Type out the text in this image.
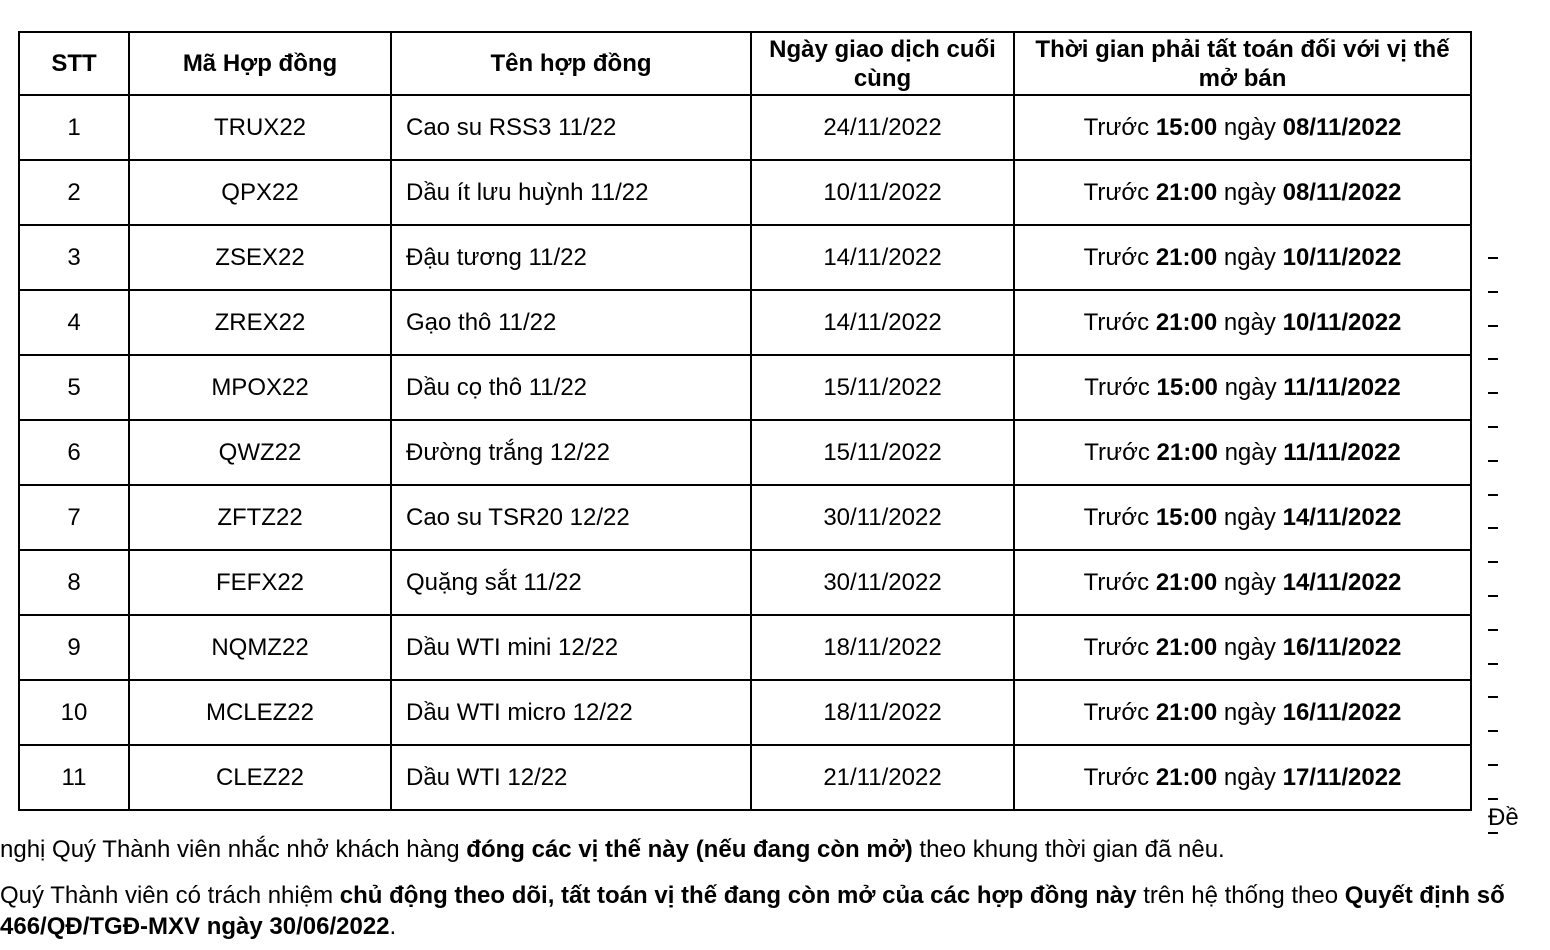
STT	Mã Hợp đồng	Tên hợp đồng	Ngày giao dịch cuối cùng	Thời gian phải tất toán đối với vị thế mở bán
1	TRUX22	Cao su RSS3 11/22	24/11/2022	Trước 15:00 ngày 08/11/2022
2	QPX22	Dầu ít lưu huỳnh 11/22	10/11/2022	Trước 21:00 ngày 08/11/2022
3	ZSEX22	Đậu tương 11/22	14/11/2022	Trước 21:00 ngày 10/11/2022
4	ZREX22	Gạo thô 11/22	14/11/2022	Trước 21:00 ngày 10/11/2022
5	MPOX22	Dầu cọ thô 11/22	15/11/2022	Trước 15:00 ngày 11/11/2022
6	QWZ22	Đường trắng 12/22	15/11/2022	Trước 21:00 ngày 11/11/2022
7	ZFTZ22	Cao su TSR20 12/22	30/11/2022	Trước 15:00 ngày 14/11/2022
8	FEFX22	Quặng sắt 11/22	30/11/2022	Trước 21:00 ngày 14/11/2022
9	NQMZ22	Dầu WTI mini 12/22	18/11/2022	Trước 21:00 ngày 16/11/2022
10	MCLEZ22	Dầu WTI micro 12/22	18/11/2022	Trước 21:00 ngày 16/11/2022
11	CLEZ22	Dầu WTI 12/22	21/11/2022	Trước 21:00 ngày 17/11/2022
Đề
nghị Quý Thành viên nhắc nhở khách hàng đóng các vị thế này (nếu đang còn mở) theo khung thời gian đã nêu.
Quý Thành viên có trách nhiệm chủ động theo dõi, tất toán vị thế đang còn mở của các hợp đồng này trên hệ thống theo Quyết định số 466/QĐ/TGĐ-MXV ngày 30/06/2022.
